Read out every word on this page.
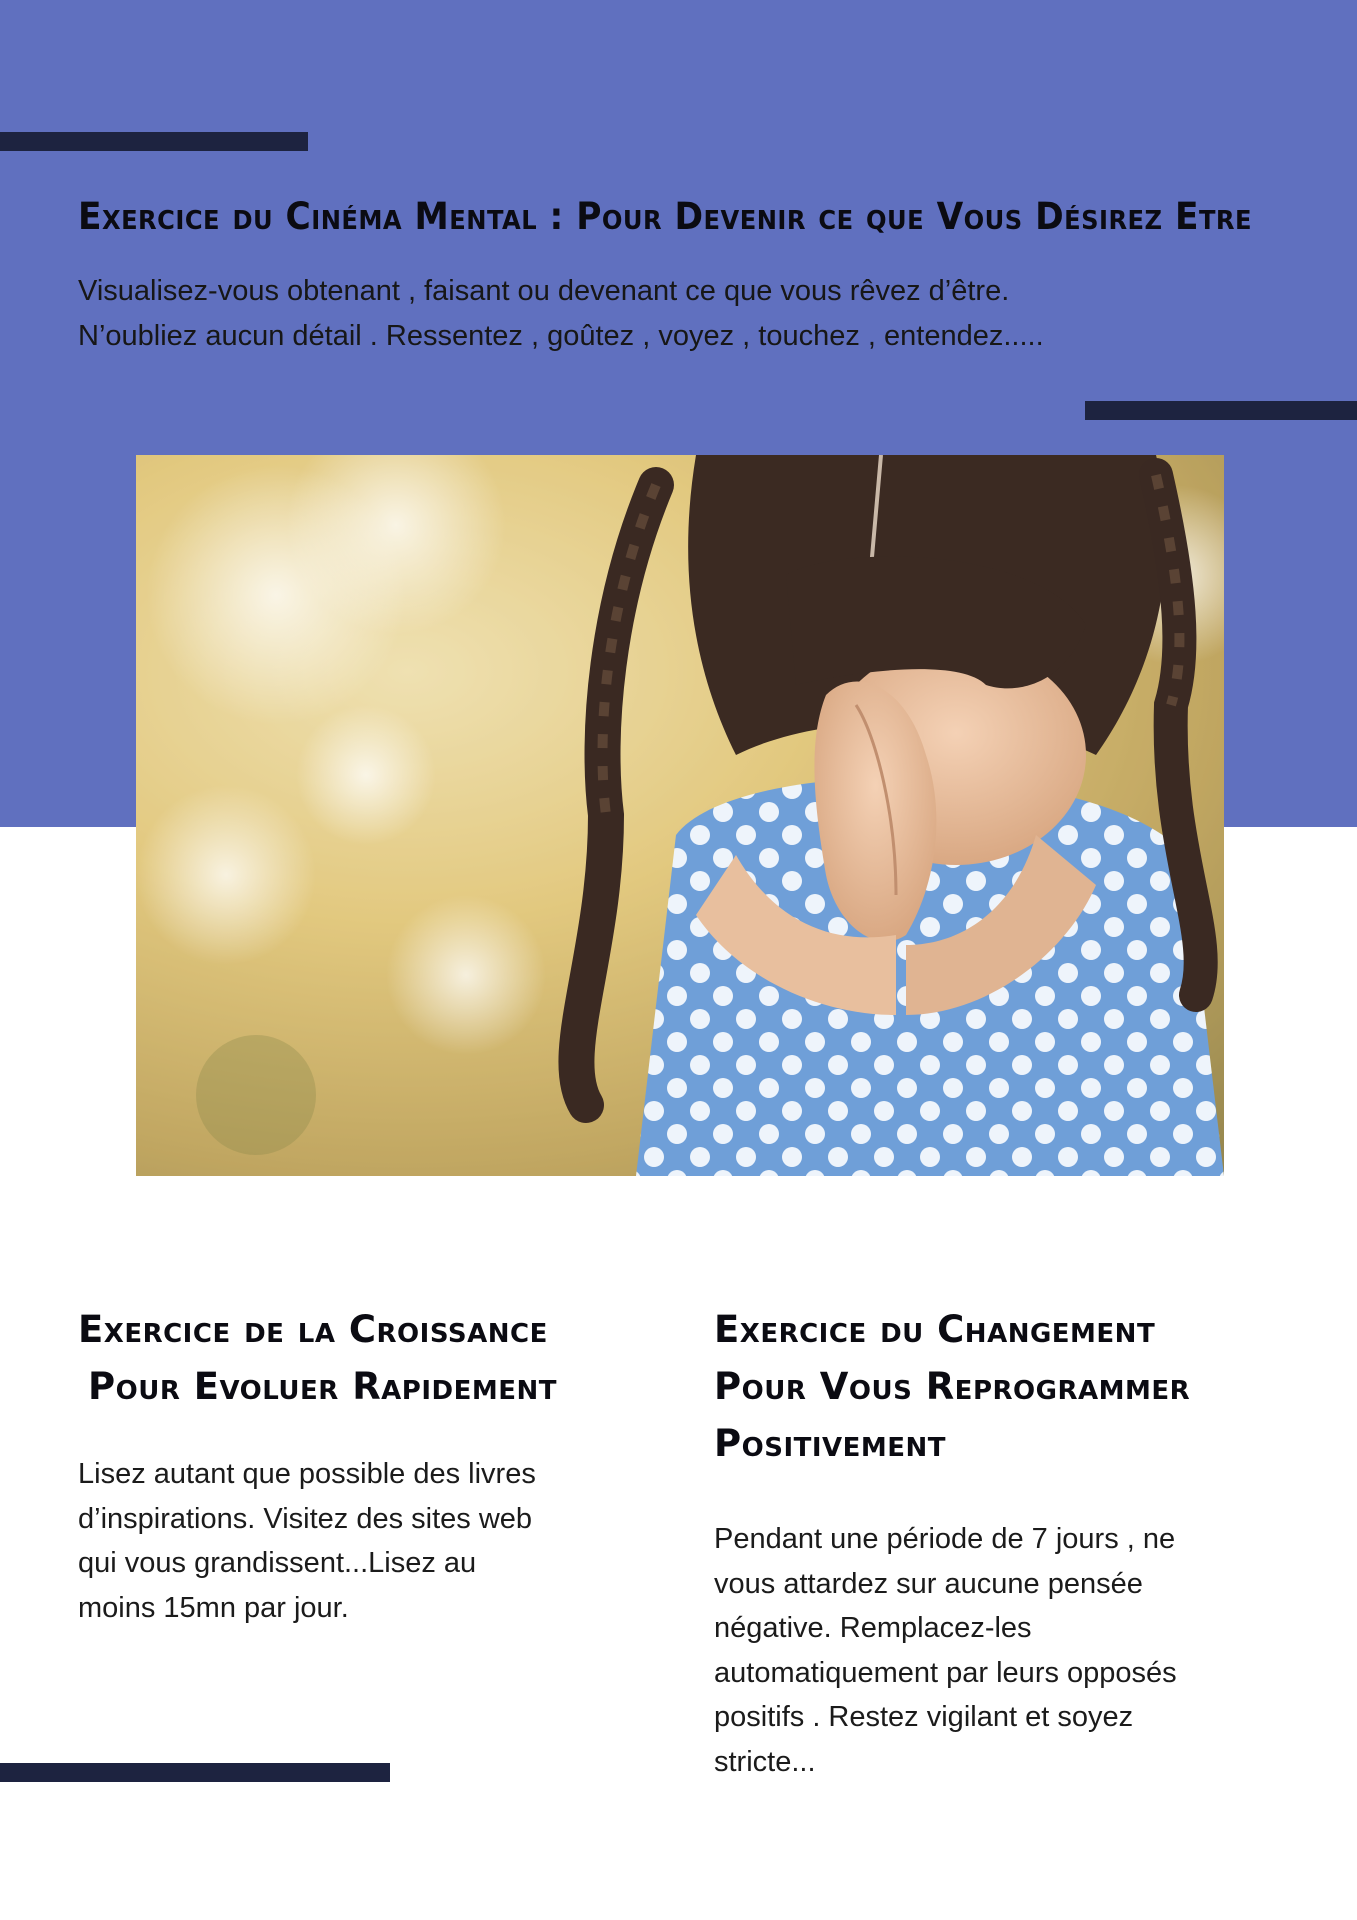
Exercice du Cinéma Mental : Pour Devenir ce que Vous Désirez Etre

Visualisez-vous obtenant , faisant ou devenant ce que vous rêvez d’être.

N’oubliez aucun détail . Ressentez , goûtez , voyez , touchez , entendez.....

Exercice de la Croissance
Pour Evoluer Rapidement
Lisez autant que possible des livres
d’inspirations. Visitez des sites web
qui vous grandissent...Lisez au
moins 15mn par jour.
Exercice du Changement
Pour Vous Reprogrammer
Positivement
Pendant une période de 7 jours , ne
vous attardez sur aucune pensée
négative. Remplacez-les
automatiquement par leurs opposés
positifs . Restez vigilant et soyez
stricte...
